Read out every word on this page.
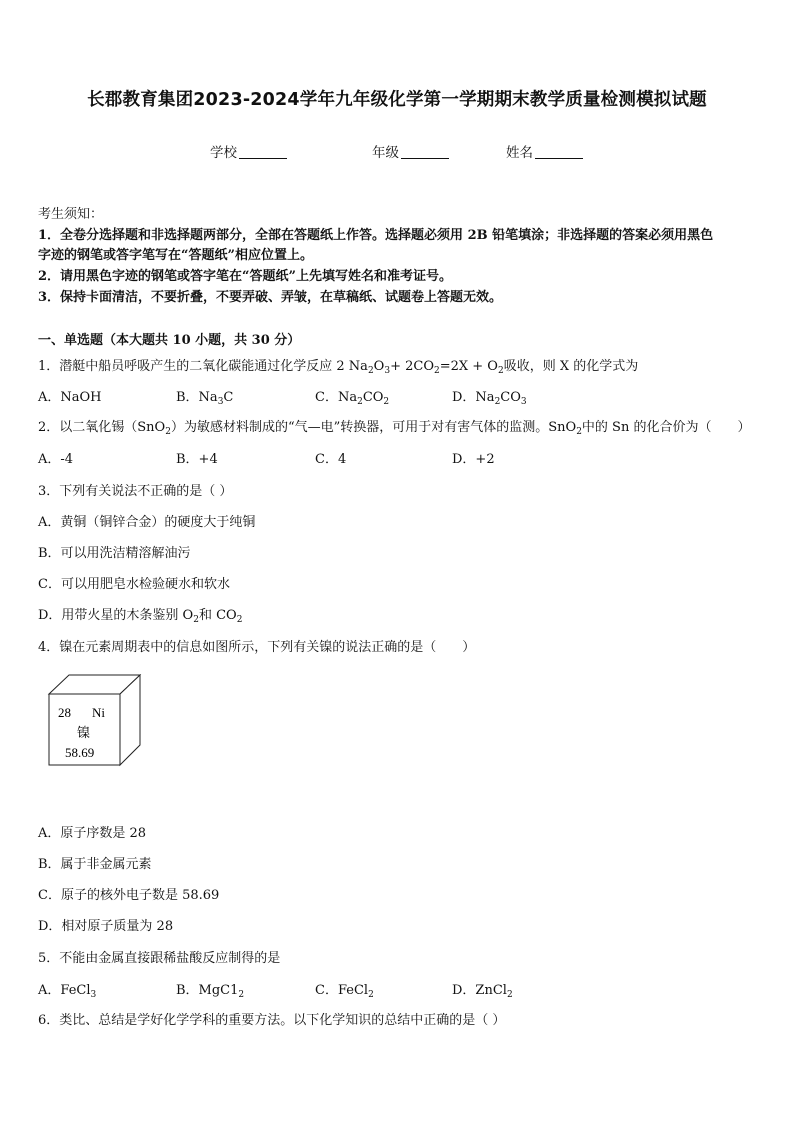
长郡教育集团2023-2024学年九年级化学第一学期期末教学质量检测模拟试题
学校	年级	姓名
考生须知：
1．全卷分选择题和非选择题两部分，全部在答题纸上作答。选择题必须用 2B 铅笔填涂；非选择题的答案必须用黑色
字迹的钢笔或答字笔写在“答题纸”相应位置上。
2．请用黑色字迹的钢笔或答字笔在“答题纸”上先填写姓名和准考证号。
3．保持卡面清洁，不要折叠，不要弄破、弄皱，在草稿纸、试题卷上答题无效。
一、单选题（本大题共 10 小题，共 30 分）
1．潜艇中船员呼吸产生的二氧化碳能通过化学反应 2 $Na_2O_3+ 2CO_2=2X + O_2$吸收，则 X 的化学式为
A．NaOH	B．$Na_3C$	C．$Na_2CO_2$	D．$Na_2CO_3$
2．以二氧化锡（SnO$_2$）为敏感材料制成的“气—电”转换器，可用于对有害气体的监测。SnO$_2$中的 Sn 的化合价为（　　）
A．-4	B．+4	C．4	D．+2
3．下列有关说法不正确的是（ ）
A．黄铜（铜锌合金）的硬度大于纯铜
B．可以用洗洁精溶解油污
C．可以用肥皂水检验硬水和软水
D．用带火星的木条鉴别 $O_2$和 $CO_2$
4．镍在元素周期表中的信息如图所示，下列有关镍的说法正确的是（　　）
28 Ni
镍
58.69
A．原子序数是 28
B．属于非金属元素
C．原子的核外电子数是 58.69
D．相对原子质量为 28
5．不能由金属直接跟稀盐酸反应制得的是
A．FeCl$_3$	B．$MgC1_2$	C．FeCl$_2$	D．ZnCl$_2$
6．类比、总结是学好化学学科的重要方法。以下化学知识的总结中正确的是（ ）
